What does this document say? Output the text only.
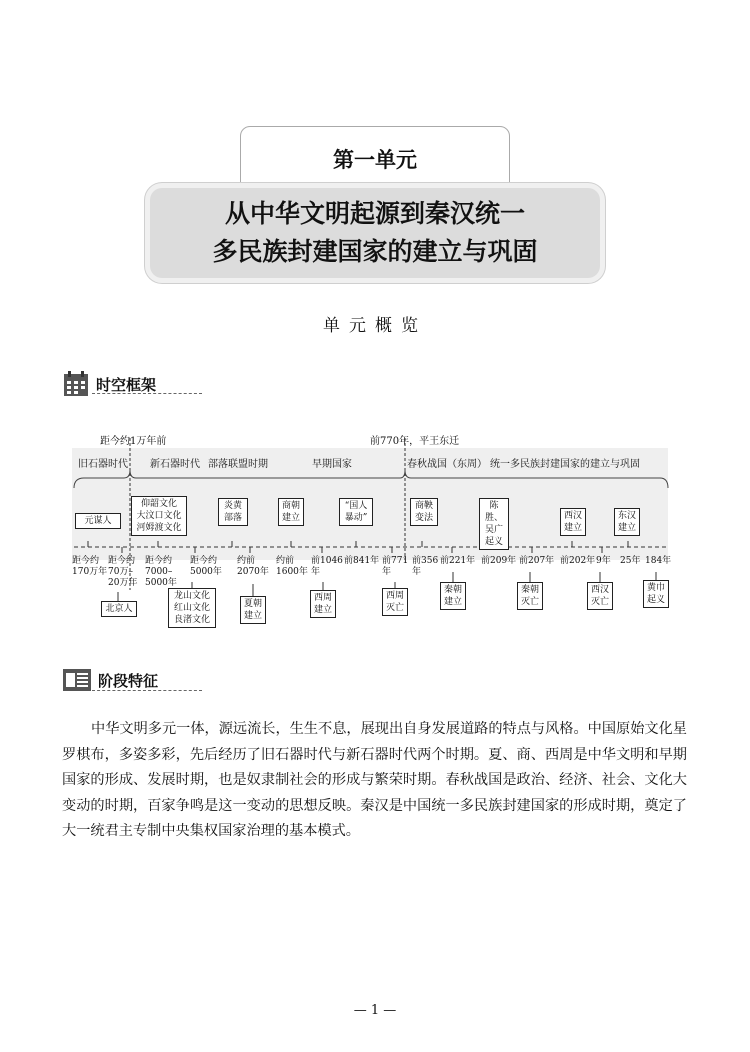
第一单元
从中华文明起源到秦汉统一
多民族封建国家的建立与巩固
单元概览
时空框架
距今约1万年前	前770年，平王东迁
旧石器时代 新石器时代 部落联盟时期	早期国家	春秋战国（东周） 统一多民族封建国家的建立与巩固
元谋人
仰韶文化
大汶口文化
河姆渡文化
炎黄
部落
商朝
建立
“国人
暴动”
商鞅
变法
陈胜、
吴广
起义
西汉
建立
东汉
建立
距今约
170万年
距今约
70万–
20万年
距今约
7000–
5000年
距今约
5000年
约前
2070年
约前
1600年
前1046
年
前841年 前771
年
前356
年
前221年 前209年 前207年 前202年 9年 25年 184年
北京人
龙山文化
红山文化
良渚文化
夏朝
建立
西周
建立
西周
灭亡
秦朝
建立
秦朝
灭亡
西汉
灭亡
黄巾
起义
阶段特征

中华文明多元一体，源远流长，生生不息，展现出自身发展道路的特点与风格。中国原始文化星罗棋布，多姿多彩，先后经历了旧石器时代与新石器时代两个时期。夏、商、西周是中华文明和早期国家的形成、发展时期，也是奴隶制社会的形成与繁荣时期。春秋战国是政治、经济、社会、文化大变动的时期，百家争鸣是这一变动的思想反映。秦汉是中国统一多民族封建国家的形成时期，奠定了大一统君主专制中央集权国家治理的基本模式。

— 1 —
